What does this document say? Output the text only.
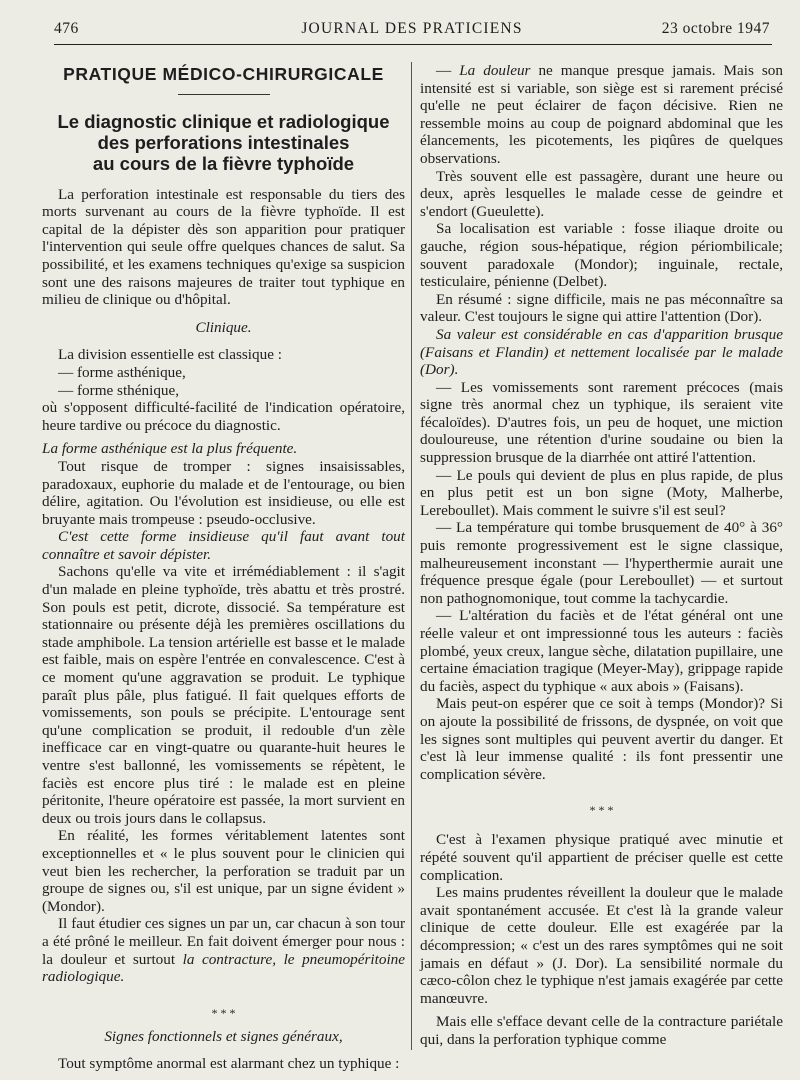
476	JOURNAL DES PRATICIENS	23 octobre 1947
PRATIQUE MÉDICO-CHIRURGICALE
Le diagnostic clinique et radiologique
des perforations intestinales
au cours de la fièvre typhoïde

La perforation intestinale est responsable du tiers des morts survenant au cours de la fièvre typhoïde. Il est capital de la dépister dès son apparition pour pratiquer l'intervention qui seule offre quelques chances de salut. Sa possibilité, et les examens techniques qu'exige sa suspicion sont une des raisons majeures de traiter tout typhique en milieu de clinique ou d'hôpital.

Clinique.

La division essentielle est classique :

— forme asthénique,

— forme sthénique,

où s'opposent difficulté-facilité de l'indication opératoire, heure tardive ou précoce du diagnostic.

La forme asthénique est la plus fréquente.

Tout risque de tromper : signes insaisissables, paradoxaux, euphorie du malade et de l'entourage, ou bien délire, agitation. Ou l'évolution est insidieuse, ou elle est bruyante mais trompeuse : pseudo-occlusive.

C'est cette forme insidieuse qu'il faut avant tout connaître et savoir dépister.

Sachons qu'elle va vite et irrémédiablement : il s'agit d'un malade en pleine typhoïde, très abattu et très prostré. Son pouls est petit, dicrote, dissocié. Sa température est stationnaire ou présente déjà les premières oscillations du stade amphibole. La tension artérielle est basse et le malade est faible, mais on espère l'entrée en convalescence. C'est à ce moment qu'une aggravation se produit. Le typhique paraît plus pâle, plus fatigué. Il fait quelques efforts de vomissements, son pouls se précipite. L'entourage sent qu'une complication se produit, il redouble d'un zèle inefficace car en vingt-quatre ou quarante-huit heures le ventre s'est ballonné, les vomissements se répètent, le faciès est encore plus tiré : le malade est en pleine péritonite, l'heure opératoire est passée, la mort survient en deux ou trois jours dans le collapsus.

En réalité, les formes véritablement latentes sont exceptionnelles et « le plus souvent pour le clinicien qui veut bien les rechercher, la perforation se traduit par un groupe de signes ou, s'il est unique, par un signe évident » (Mondor).

Il faut étudier ces signes un par un, car chacun à son tour a été prôné le meilleur. En fait doivent émerger pour nous : la douleur et surtout la contracture, le pneumopéritoine radiologique.

* * *
Signes fonctionnels et signes généraux,

Tout symptôme anormal est alarmant chez un typhique :

— La douleur ne manque presque jamais. Mais son intensité est si variable, son siège est si rarement précisé qu'elle ne peut éclairer de façon décisive. Rien ne ressemble moins au coup de poignard abdominal que les élancements, les picotements, les piqûres de quelques observations.

Très souvent elle est passagère, durant une heure ou deux, après lesquelles le malade cesse de geindre et s'endort (Gueulette).

Sa localisation est variable : fosse iliaque droite ou gauche, région sous-hépatique, région périombilicale; souvent paradoxale (Mondor); inguinale, rectale, testiculaire, pénienne (Delbet).

En résumé : signe difficile, mais ne pas méconnaître sa valeur. C'est toujours le signe qui attire l'attention (Dor).

Sa valeur est considérable en cas d'apparition brusque (Faisans et Flandin) et nettement localisée par le malade (Dor).

— Les vomissements sont rarement précoces (mais signe très anormal chez un typhique, ils seraient vite fécaloïdes). D'autres fois, un peu de hoquet, une miction douloureuse, une rétention d'urine soudaine ou bien la suppression brusque de la diarrhée ont attiré l'attention.

— Le pouls qui devient de plus en plus rapide, de plus en plus petit est un bon signe (Moty, Malherbe, Lereboullet). Mais comment le suivre s'il est seul?

— La température qui tombe brusquement de 40° à 36° puis remonte progressivement est le signe classique, malheureusement inconstant — l'hyperthermie aurait une fréquence presque égale (pour Lereboullet) — et surtout non pathognomonique, tout comme la tachycardie.

— L'altération du faciès et de l'état général ont une réelle valeur et ont impressionné tous les auteurs : faciès plombé, yeux creux, langue sèche, dilatation pupillaire, une certaine émaciation tragique (Meyer-May), grippage rapide du faciès, aspect du typhique « aux abois » (Faisans).

Mais peut-on espérer que ce soit à temps (Mondor)? Si on ajoute la possibilité de frissons, de dyspnée, on voit que les signes sont multiples qui peuvent avertir du danger. Et c'est là leur immense qualité : ils font pressentir une complication sévère.

* * *

C'est à l'examen physique pratiqué avec minutie et répété souvent qu'il appartient de préciser quelle est cette complication.

Les mains prudentes réveillent la douleur que le malade avait spontanément accusée. Et c'est là la grande valeur clinique de cette douleur. Elle est exagérée par la décompression; « c'est un des rares symptômes qui ne soit jamais en défaut » (J. Dor). La sensibilité normale du cæco-côlon chez le typhique n'est jamais exagérée par cette manœuvre.

Mais elle s'efface devant celle de la contracture pariétale qui, dans la perforation typhique comme
